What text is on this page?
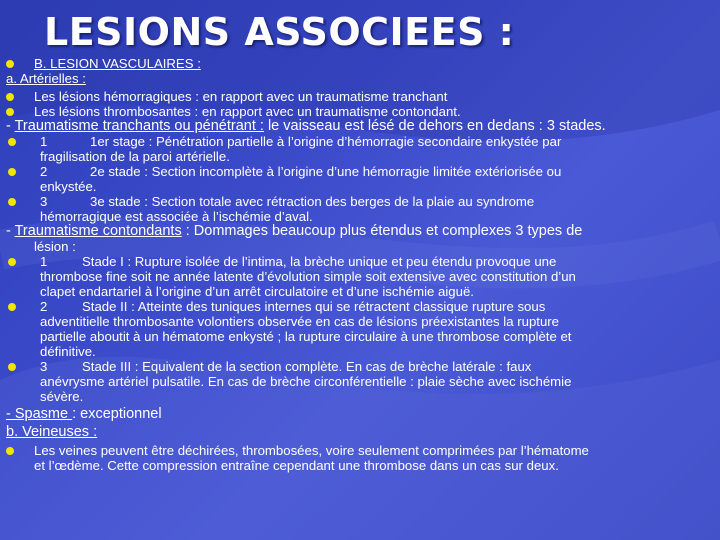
LESIONS ASSOCIEES :
B. LESION VASCULAIRES :
a. Artérielles :
Les lésions hémorragiques : en rapport avec un traumatisme tranchant
Les lésions thrombosantes : en rapport avec un traumatisme contondant.
- Traumatisme tranchants ou pénétrant : le vaisseau est lésé de dehors en dedans : 3 stades.
1	1er stage : Pénétration partielle à l’origine d’hémorragie secondaire enkystée par
fragilisation de la paroi artérielle.
2	2e stade : Section incomplète à l’origine d’une hémorragie limitée extériorisée ou
enkystée.
3	3e stade : Section totale avec rétraction des berges de la plaie au syndrome
hémorragique est associée à l’ischémie d’aval.
- Traumatisme contondants : Dommages beaucoup plus étendus et complexes 3 types de
lésion :
1	Stade I : Rupture isolée de l’intima, la brèche unique et peu étendu provoque une
thrombose fine soit ne année latente d’évolution simple soit extensive avec constitution d’un
clapet endartariel à l’origine d’un arrêt circulatoire et d’une ischémie aiguë.
2	Stade II : Atteinte des tuniques internes qui se rétractent classique rupture sous
adventitielle thrombosante volontiers observée en cas de lésions préexistantes la rupture
partielle aboutit à un hématome enkysté ; la rupture circulaire à une thrombose complète et
définitive.
3	Stade III : Equivalent de la section complète. En cas de brèche latérale : faux
anévrysme artériel pulsatile. En cas de brèche circonférentielle : plaie sèche avec ischémie
sévère.
- Spasme : exceptionnel
b. Veineuses :
Les veines peuvent être déchirées, thrombosées, voire seulement comprimées par l’hématome
et l’œdème. Cette compression entraîne cependant une thrombose dans un cas sur deux.
